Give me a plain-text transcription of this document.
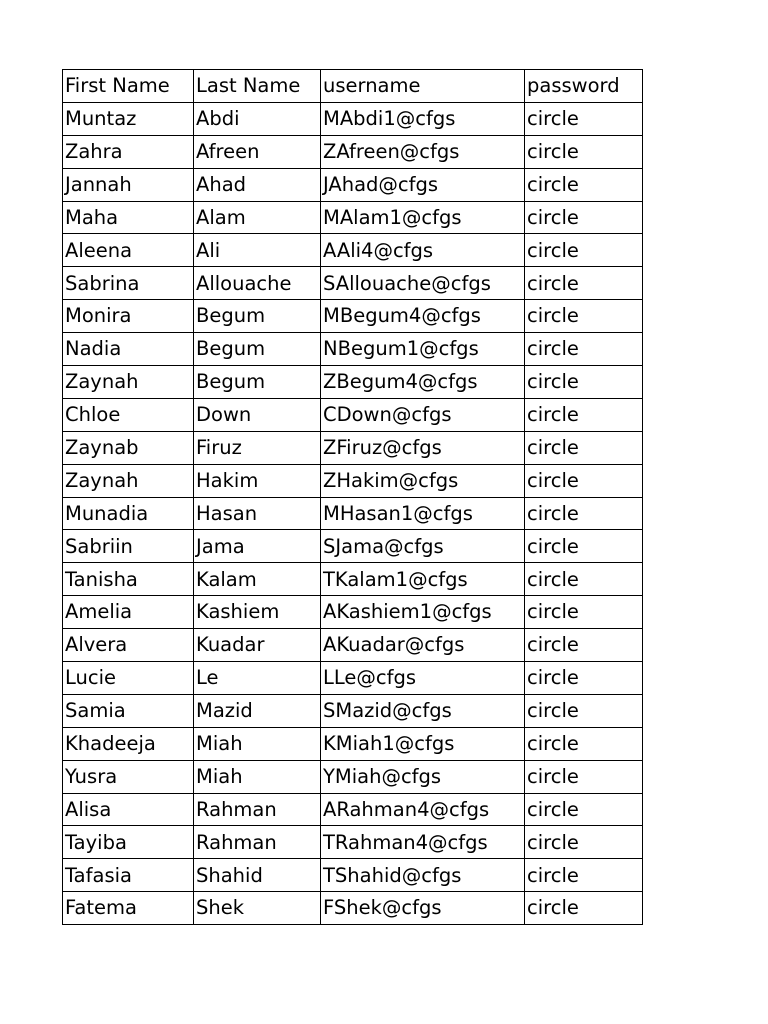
First Name	Last Name	username	password
Muntaz	Abdi	MAbdi1@cfgs	circle
Zahra	Afreen	ZAfreen@cfgs	circle
Jannah	Ahad	JAhad@cfgs	circle
Maha	Alam	MAlam1@cfgs	circle
Aleena	Ali	AAli4@cfgs	circle
Sabrina	Allouache	SAllouache@cfgs	circle
Monira	Begum	MBegum4@cfgs	circle
Nadia	Begum	NBegum1@cfgs	circle
Zaynah	Begum	ZBegum4@cfgs	circle
Chloe	Down	CDown@cfgs	circle
Zaynab	Firuz	ZFiruz@cfgs	circle
Zaynah	Hakim	ZHakim@cfgs	circle
Munadia	Hasan	MHasan1@cfgs	circle
Sabriin	Jama	SJama@cfgs	circle
Tanisha	Kalam	TKalam1@cfgs	circle
Amelia	Kashiem	AKashiem1@cfgs	circle
Alvera	Kuadar	AKuadar@cfgs	circle
Lucie	Le	LLe@cfgs	circle
Samia	Mazid	SMazid@cfgs	circle
Khadeeja	Miah	KMiah1@cfgs	circle
Yusra	Miah	YMiah@cfgs	circle
Alisa	Rahman	ARahman4@cfgs	circle
Tayiba	Rahman	TRahman4@cfgs	circle
Tafasia	Shahid	TShahid@cfgs	circle
Fatema	Shek	FShek@cfgs	circle
